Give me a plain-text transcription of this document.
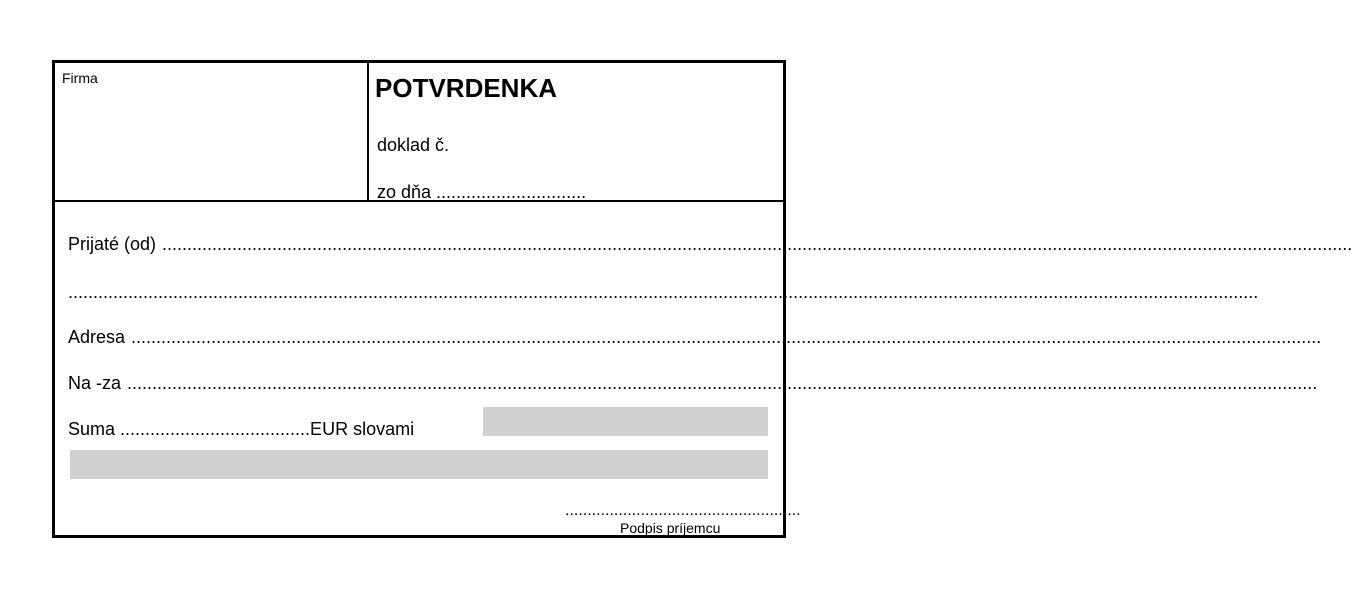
Firma	POTVRDENKA
doklad č.
zo dňa ..............................
Prijaté (od)
.....
.....
Adresa
.....
Na -za
.....
Suma ......................................EUR slovami
.....................................................
Podpis príjemcu
